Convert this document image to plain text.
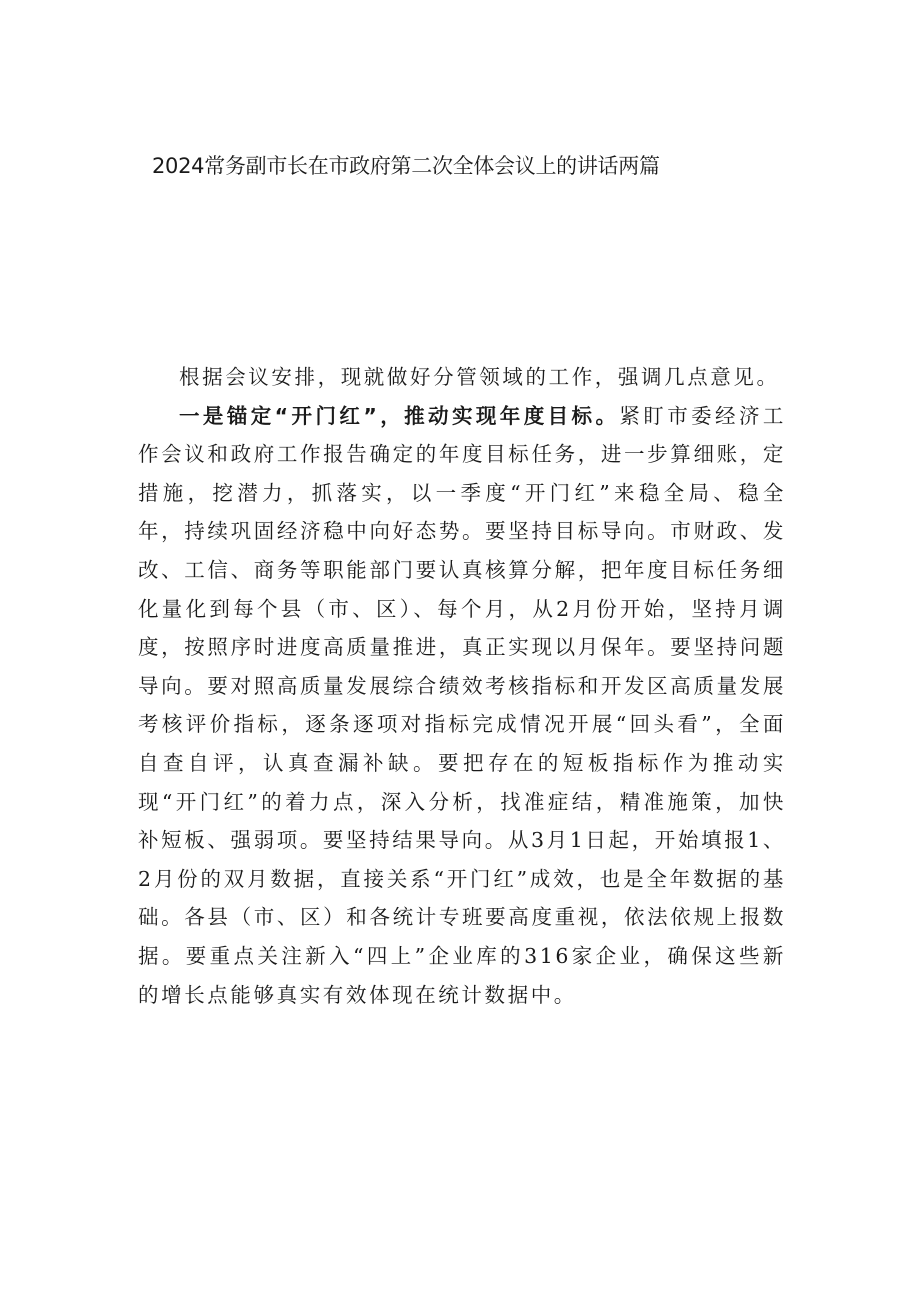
2024常务副市长在市政府第二次全体会议上的讲话两篇

根据会议安排，现就做好分管领域的工作，强调几点意见。

一是锚定“开门红”，推动实现年度目标。紧盯市委经济工作会议和政府工作报告确定的年度目标任务，进一步算细账，定措施，挖潜力，抓落实，以一季度“开门红”来稳全局、稳全年，持续巩固经济稳中向好态势。要坚持目标导向。市财政、发改、工信、商务等职能部门要认真核算分解，把年度目标任务细化量化到每个县（市、区）、每个月，从2月份开始，坚持月调度，按照序时进度高质量推进，真正实现以月保年。要坚持问题导向。要对照高质量发展综合绩效考核指标和开发区高质量发展考核评价指标，逐条逐项对指标完成情况开展“回头看”，全面自查自评，认真查漏补缺。要把存在的短板指标作为推动实现“开门红”的着力点，深入分析，找准症结，精准施策，加快补短板、强弱项。要坚持结果导向。从3月1日起，开始填报1、2月份的双月数据，直接关系“开门红”成效，也是全年数据的基础。各县（市、区）和各统计专班要高度重视，依法依规上报数据。要重点关注新入“四上”企业库的316家企业，确保这些新的增长点能够真实有效体现在统计数据中。
